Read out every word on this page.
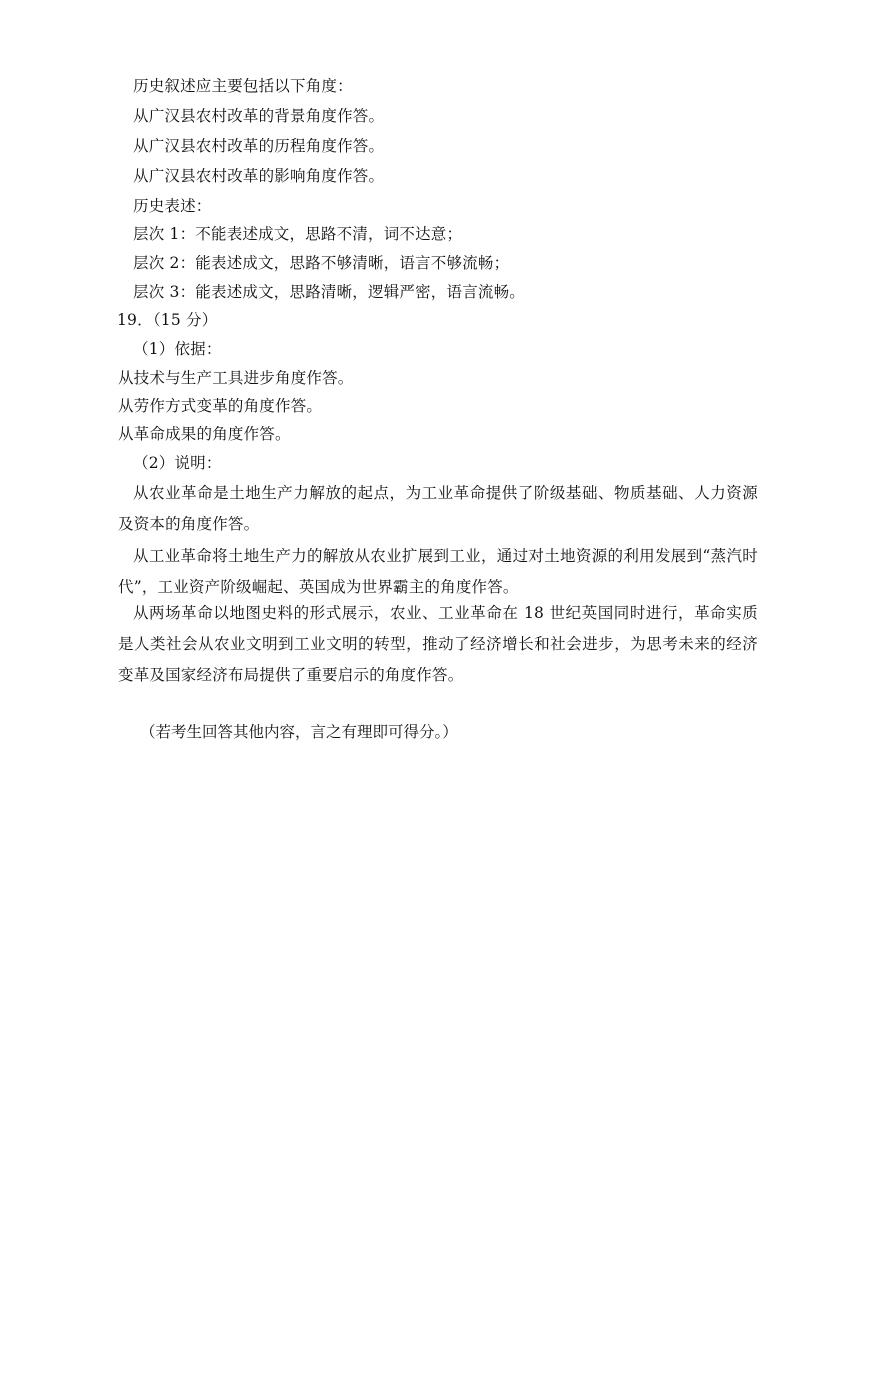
历史叙述应主要包括以下角度：
从广汉县农村改革的背景角度作答。
从广汉县农村改革的历程角度作答。
从广汉县农村改革的影响角度作答。
历史表述：
层次 1：不能表述成文，思路不清，词不达意；
层次 2：能表述成文，思路不够清晰，语言不够流畅；
层次 3：能表述成文，思路清晰，逻辑严密，语言流畅。
19．（15 分）
（1）依据：
从技术与生产工具进步角度作答。
从劳作方式变革的角度作答。
从革命成果的角度作答。
（2）说明：
从农业革命是土地生产力解放的起点，为工业革命提供了阶级基础、物质基础、人力资源及资本的角度作答。
从工业革命将土地生产力的解放从农业扩展到工业，通过对土地资源的利用发展到“蒸汽时代”，工业资产阶级崛起、英国成为世界霸主的角度作答。
从两场革命以地图史料的形式展示，农业、工业革命在 18 世纪英国同时进行，革命实质是人类社会从农业文明到工业文明的转型，推动了经济增长和社会进步，为思考未来的经济变革及国家经济布局提供了重要启示的角度作答。
（若考生回答其他内容，言之有理即可得分。）
